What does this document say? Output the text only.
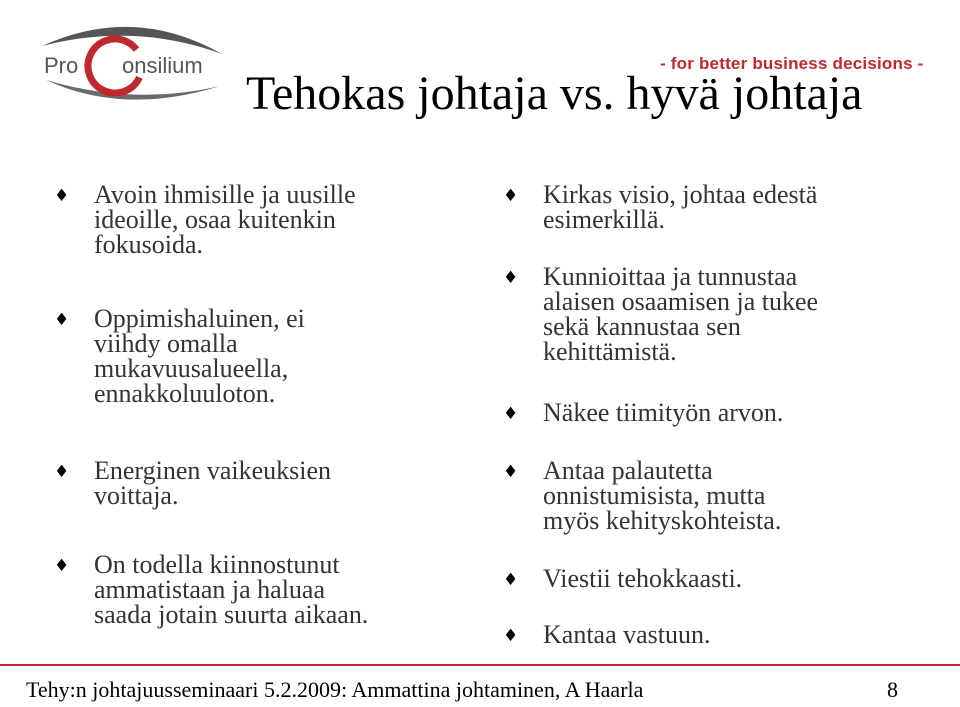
Pro onsilium	- for better business decisions -
Tehokas johtaja vs. hyvä johtaja
♦ Avoin ihmisille ja uusille
ideoille, osaa kuitenkin
fokusoida.
♦ Oppimishaluinen, ei
viihdy omalla
mukavuusalueella,
ennakkoluuloton.
♦ Energinen vaikeuksien
voittaja.
♦ On todella kiinnostunut
ammatistaan ja haluaa
saada jotain suurta aikaan.
♦ Kirkas visio, johtaa edestä
esimerkillä.
♦ Kunnioittaa ja tunnustaa
alaisen osaamisen ja tukee
sekä kannustaa sen
kehittämistä.
♦ Näkee tiimityön arvon.
♦ Antaa palautetta
onnistumisista, mutta
myös kehityskohteista.
♦ Viestii tehokkaasti.
♦ Kantaa vastuun.
Tehy:n johtajuusseminaari 5.2.2009: Ammattina johtaminen, A Haarla	8
